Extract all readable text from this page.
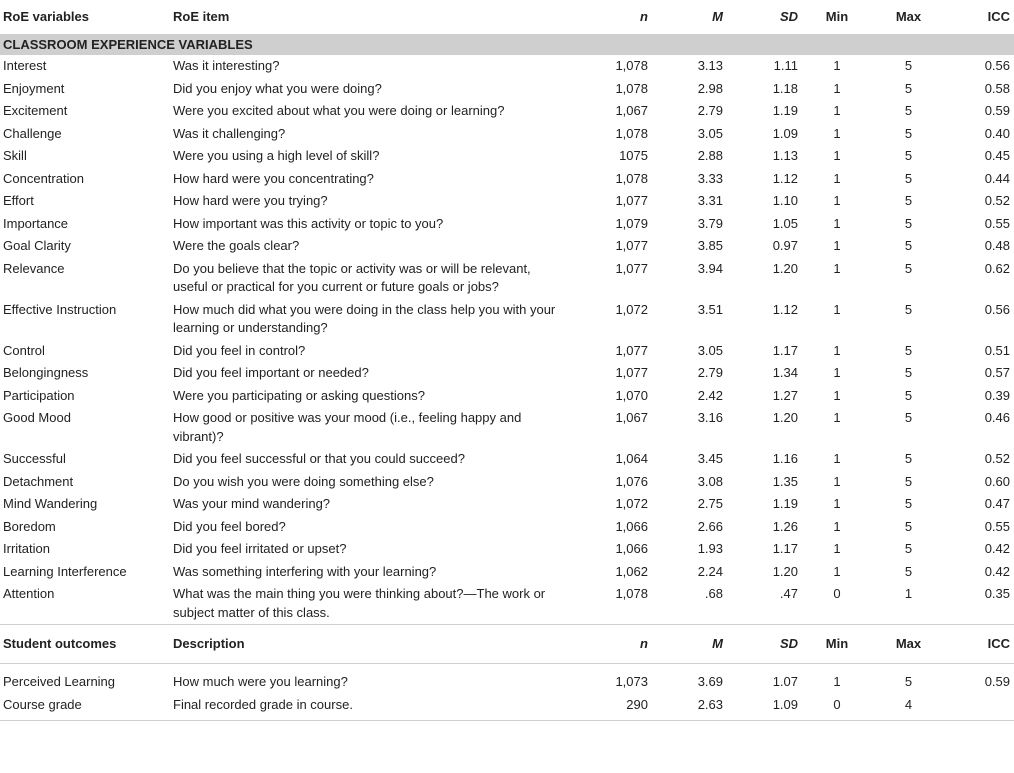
RoE variables	RoE item	n	M	SD	Min	Max	ICC
CLASSROOM EXPERIENCE VARIABLES							
Interest	Was it interesting?	1,078	3.13	1.11	1	5	0.56
Enjoyment	Did you enjoy what you were doing?	1,078	2.98	1.18	1	5	0.58
Excitement	Were you excited about what you were doing or learning?	1,067	2.79	1.19	1	5	0.59
Challenge	Was it challenging?	1,078	3.05	1.09	1	5	0.40
Skill	Were you using a high level of skill?	1075	2.88	1.13	1	5	0.45
Concentration	How hard were you concentrating?	1,078	3.33	1.12	1	5	0.44
Effort	How hard were you trying?	1,077	3.31	1.10	1	5	0.52
Importance	How important was this activity or topic to you?	1,079	3.79	1.05	1	5	0.55
Goal Clarity	Were the goals clear?	1,077	3.85	0.97	1	5	0.48
Relevance	Do you believe that the topic or activity was or will be relevant, useful or practical for you current or future goals or jobs?	1,077	3.94	1.20	1	5	0.62
Effective Instruction	How much did what you were doing in the class help you with your learning or understanding?	1,072	3.51	1.12	1	5	0.56
Control	Did you feel in control?	1,077	3.05	1.17	1	5	0.51
Belongingness	Did you feel important or needed?	1,077	2.79	1.34	1	5	0.57
Participation	Were you participating or asking questions?	1,070	2.42	1.27	1	5	0.39
Good Mood	How good or positive was your mood (i.e., feeling happy and vibrant)?	1,067	3.16	1.20	1	5	0.46
Successful	Did you feel successful or that you could succeed?	1,064	3.45	1.16	1	5	0.52
Detachment	Do you wish you were doing something else?	1,076	3.08	1.35	1	5	0.60
Mind Wandering	Was your mind wandering?	1,072	2.75	1.19	1	5	0.47
Boredom	Did you feel bored?	1,066	2.66	1.26	1	5	0.55
Irritation	Did you feel irritated or upset?	1,066	1.93	1.17	1	5	0.42
Learning Interference	Was something interfering with your learning?	1,062	2.24	1.20	1	5	0.42
Attention	What was the main thing you were thinking about?—The work or subject matter of this class.	1,078	.68	.47	0	1	0.35
Student outcomes	Description	n	M	SD	Min	Max	ICC
Perceived Learning	How much were you learning?	1,073	3.69	1.07	1	5	0.59
Course grade	Final recorded grade in course.	290	2.63	1.09	0	4	
